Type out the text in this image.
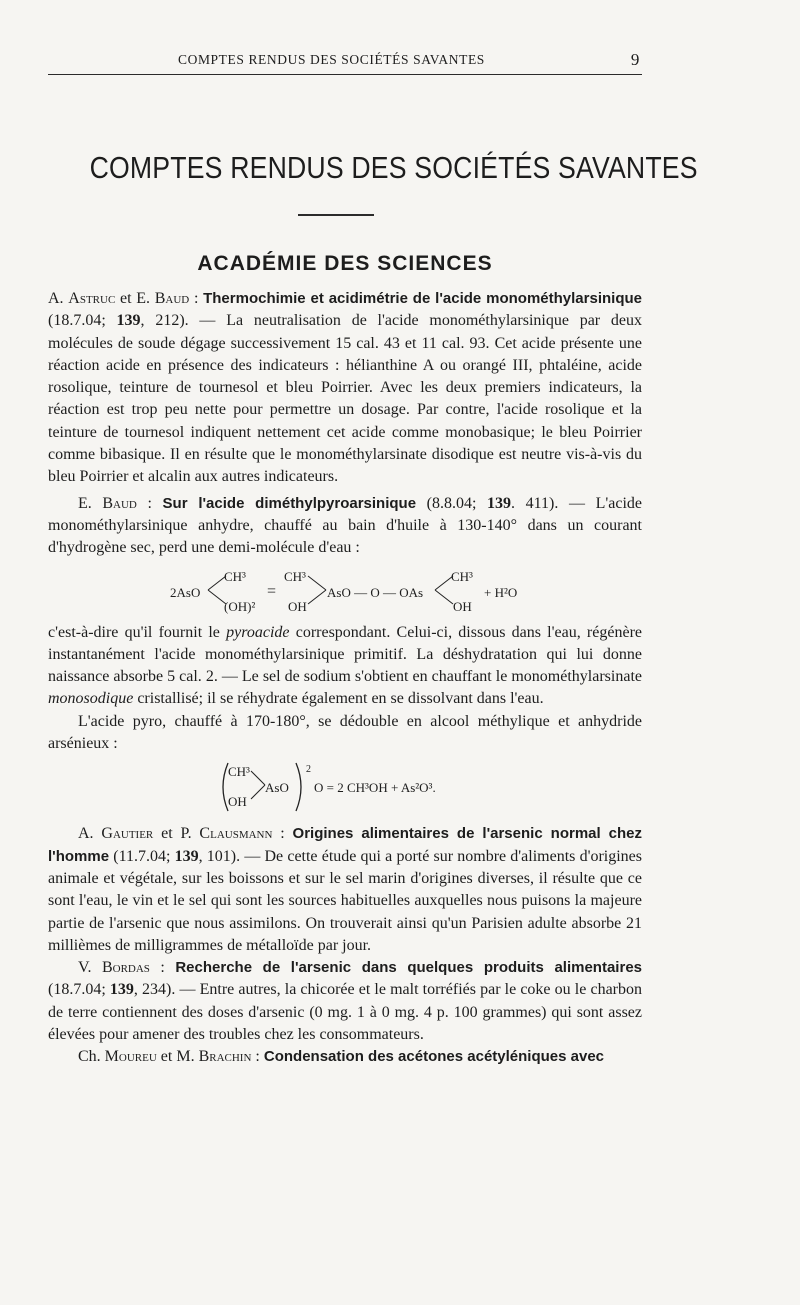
COMPTES RENDUS DES SOCIÉTÉS SAVANTES	9
COMPTES RENDUS DES SOCIÉTÉS SAVANTES
ACADÉMIE DES SCIENCES

A. Astruc et E. Baud : Thermochimie et acidimétrie de l'acide monométhylarsinique (18.7.04; 139, 212). — La neutralisation de l'acide monométhylarsinique par deux molécules de soude dégage successivement 15 cal. 43 et 11 cal. 93. Cet acide présente une réaction acide en présence des indicateurs : hélianthine A ou orangé III, phtaléine, acide rosolique, teinture de tournesol et bleu Poirrier. Avec les deux premiers indicateurs, la réaction est trop peu nette pour permettre un dosage. Par contre, l'acide rosolique et la teinture de tournesol indiquent nettement cet acide comme monobasique; le bleu Poirrier comme bibasique. Il en résulte que le monométhylarsinate disodique est neutre vis-à-vis du bleu Poirrier et alcalin aux autres indicateurs.

E. Baud : Sur l'acide diméthylpyroarsinique (8.8.04; 139. 411). — L'acide monométhylarsinique anhydre, chauffé au bain d'huile à 130-140° dans un courant d'hydrogène sec, perd une demi-molécule d'eau :

2AsO
CH³
(OH)²
=
CH³
OH
AsO — O — OAs
CH³
OH
+ H²O

c'est-à-dire qu'il fournit le pyroacide correspondant. Celui-ci, dissous dans l'eau, régénère instantanément l'acide monométhylarsinique primitif. La déshydratation qui lui donne naissance absorbe 5 cal. 2. — Le sel de sodium s'obtient en chauffant le monométhylarsinate monosodique cristallisé; il se réhydrate également en se dissolvant dans l'eau.

L'acide pyro, chauffé à 170-180°, se dédouble en alcool méthylique et anhydride arsénieux :

CH³
OH
AsO
2
O = 2 CH³OH + As²O³.

A. Gautier et P. Clausmann : Origines alimentaires de l'arsenic normal chez l'homme (11.7.04; 139, 101). — De cette étude qui a porté sur nombre d'aliments d'origines animale et végétale, sur les boissons et sur le sel marin d'origines diverses, il résulte que ce sont l'eau, le vin et le sel qui sont les sources habituelles auxquelles nous puisons la majeure partie de l'arsenic que nous assimilons. On trouverait ainsi qu'un Parisien adulte absorbe 21 millièmes de milligrammes de métalloïde par jour.

V. Bordas : Recherche de l'arsenic dans quelques produits alimentaires (18.7.04; 139, 234). — Entre autres, la chicorée et le malt torréfiés par le coke ou le charbon de terre contiennent des doses d'arsenic (0 mg. 1 à 0 mg. 4 p. 100 grammes) qui sont assez élevées pour amener des troubles chez les consommateurs.

Ch. Moureu et M. Brachin : Condensation des acétones acétyléniques avec
